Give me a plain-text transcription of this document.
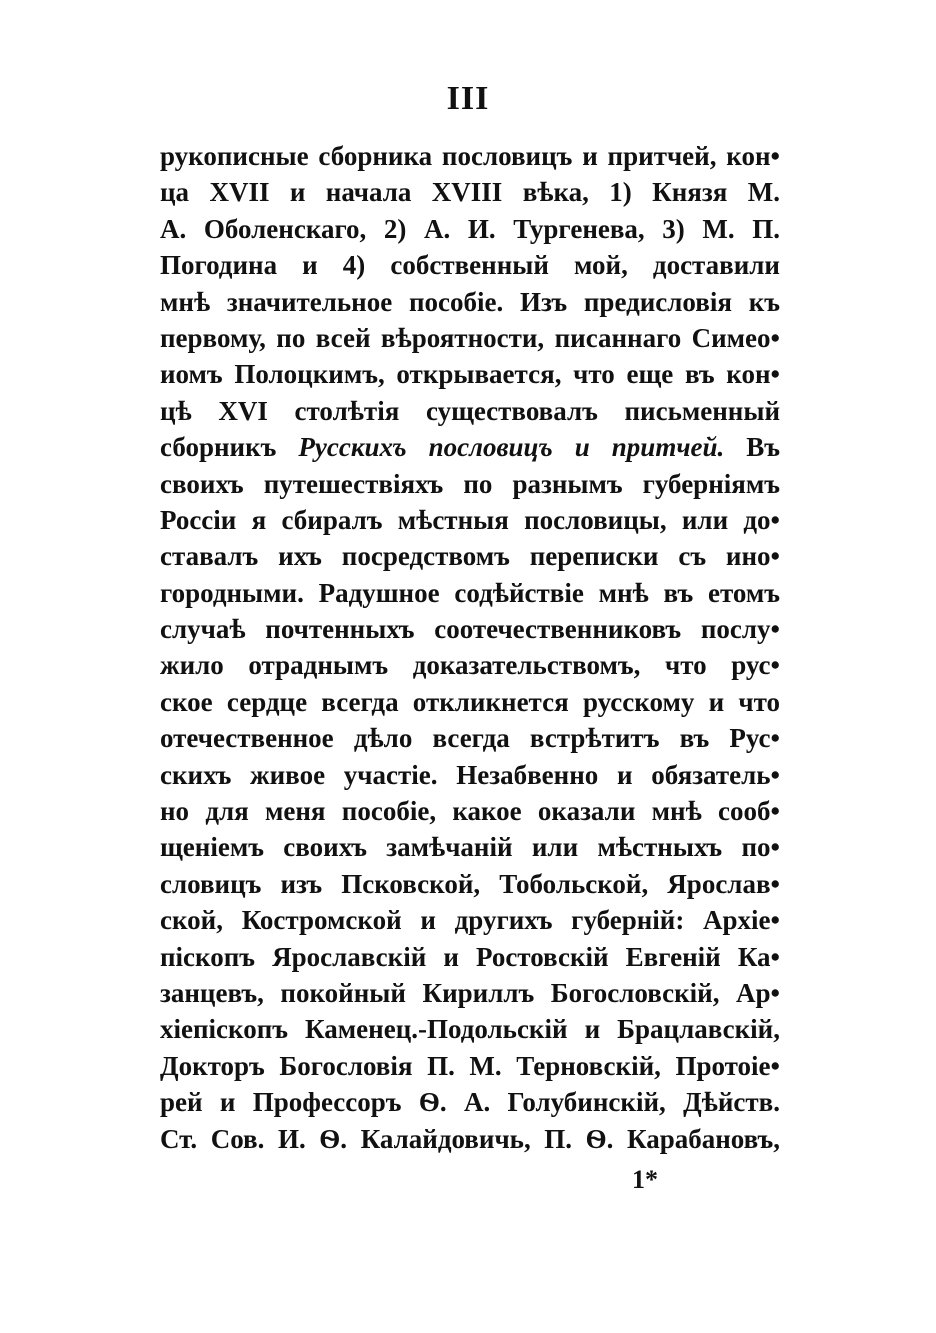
III
рукописные сборника пословицъ и притчей, кон•
ца XVII и начала XVIII вѣка, 1) Князя М.
А. Оболенскаго, 2) А. И. Тургенева, 3) М. П.
Погодина и 4) собственный мой, доставили
мнѣ значительное пособіе. Изъ предисловія къ
первому, по всей вѣроятности, писаннаго Симео•
иомъ Полоцкимъ, открывается, что еще въ кон•
цѣ XVI столѣтія существовалъ письменный
сборникъ Русскихъ пословицъ и притчей. Въ
своихъ путешествіяхъ по разнымъ губерніямъ
Россіи я сбиралъ мѣстныя пословицы, или до•
ставалъ ихъ посредствомъ переписки съ ино•
городными. Радушное содѣйствіе мнѣ въ етомъ
случаѣ почтенныхъ соотечественниковъ послу•
жило отраднымъ доказательствомъ, что рус•
ское сердце всегда откликнется русскому и что
отечественное дѣло всегда встрѣтитъ въ Рус•
скихъ живое участіе. Незабвенно и обязатель•
но для меня пособіе, какое оказали мнѣ сооб•
щеніемъ своихъ замѣчаній или мѣстныхъ по•
словицъ изъ Псковской, Тобольской, Ярослав•
ской, Костромской и другихъ губерній: Архіе•
піскопъ Ярославскій и Ростовскій Евгеній Ка•
занцевъ, покойный Кириллъ Богословскій, Ар•
хіепіскопъ Каменец.-Подольскій и Брацлавскій,
Докторъ Богословія П. М. Терновскій, Протоіе•
рей и Профессоръ Ѳ. А. Голубинскій, Дѣйств.
Ст. Сов. И. Ѳ. Калайдовичь, П. Ѳ. Карабановъ,
1*
